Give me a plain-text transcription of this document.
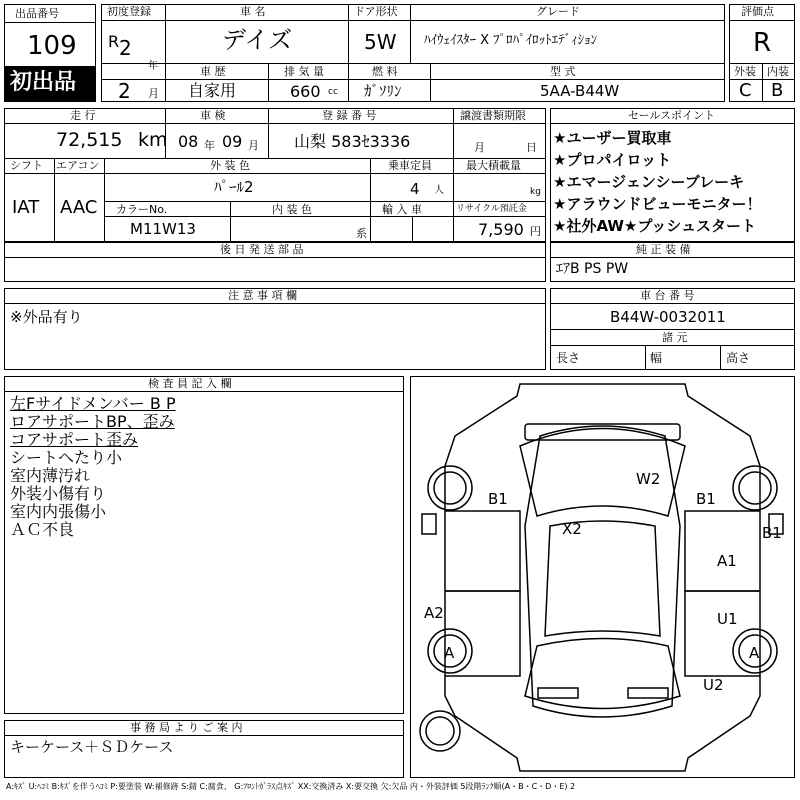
出品番号
109
初出品
初度登録
R 2
年
2 月
車 名
デイズ
ドア形状
5W
グレード
ﾊｲｳｪｲｽﾀｰ X ﾌﾟﾛﾊﾟｲﾛｯﾄｴﾃﾞｨｼｮﾝ
車 歴
自家用
排 気 量
660 cc
燃 料
ｶﾞｿﾘﾝ
型 式
5AA-B44W
評価点
R
外装 内装
C B
走 行
72,515 km
車 検
08 年 09 月
登 録 番 号
山梨 583ｾ3336
譲渡書類期限
月	日
シフト
IAT
エアコン
AAC
外 装 色
ﾊﾟｰﾙ2
乗車定員
4 人
最大積載量
kg
カラーNo.
M11W13
内 装 色
系
輸 入 車	リサイクル預託金
7,590 円
後 日 発 送 部 品
セールスポイント
★ユーザー買取車
★プロパイロット
★エマージェンシーブレーキ
★アラウンドビューモニター！
★社外AW★プッシュスタート
純 正 装 備
ｴｱB PS PW
注 意 事 項 欄
※外品有り
車 台 番 号
B44W-0032011
諸 元
長さ	幅	高さ
検 査 員 記 入 欄
左Fサイドメンバー B P
ロアサポートBP、歪み
コアサポート歪み
シートへたり小
室内薄汚れ
外装小傷有り
室内内張傷小
ＡＣ不良
事 務 局 よ り ご 案 内
キーケース＋ＳＤケース
W2
B1	B1
B1
X2
A1
A2	U1
A	A
U2
A:ｷｽﾞ U:ﾍｺﾐ B:ｷｽﾞを伴うﾍｺﾐ P:要塗装 W:補修跡 S:錆 C:腐食、 G:ﾌﾛﾝﾄｶﾞﾗｽ点ｷｽﾞ XX:交換済み X:要交換 欠:欠品 内・外装評価 5段階ﾗﾝｸ順(A・B・C・D・E) 2
